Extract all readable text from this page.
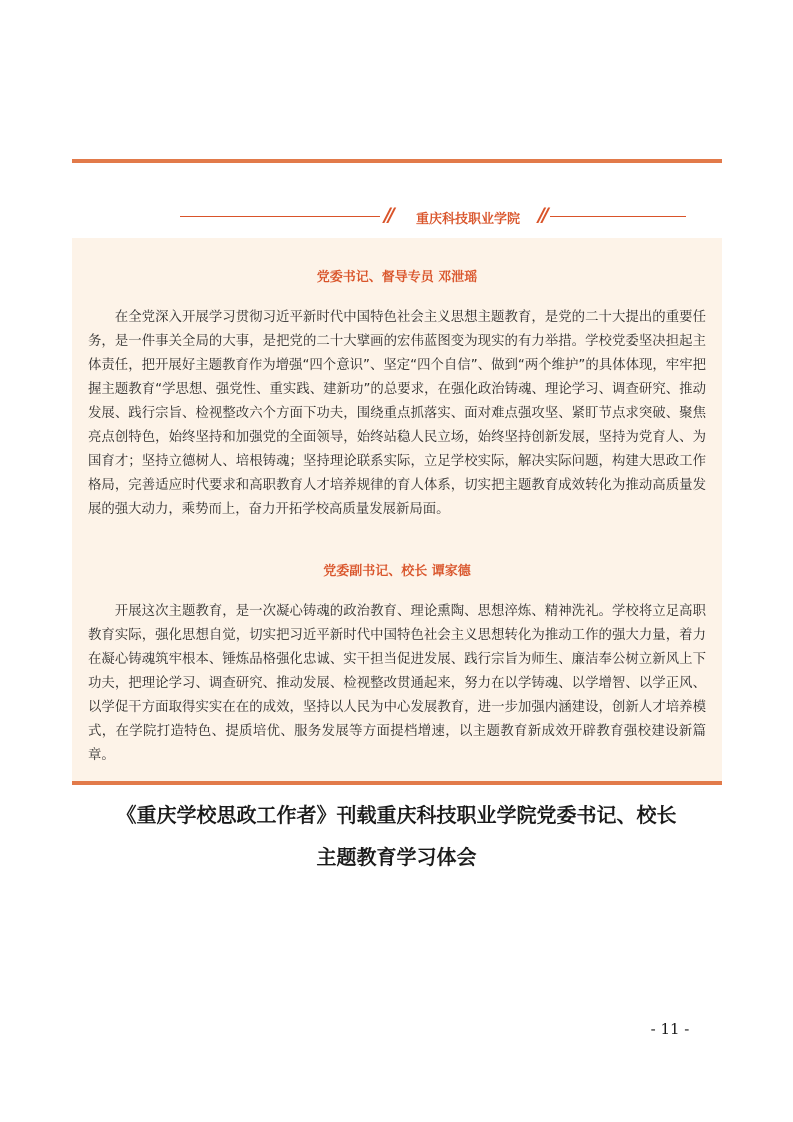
//	重庆科技职业学院 //
党委书记、督导专员 邓泄瑶

在全党深入开展学习贯彻习近平新时代中国特色社会主义思想主题教育，是党的二十大提出的重要任务，是一件事关全局的大事，是把党的二十大擘画的宏伟蓝图变为现实的有力举措。学校党委坚决担起主体责任，把开展好主题教育作为增强“四个意识”、坚定“四个自信”、做到“两个维护”的具体体现，牢牢把握主题教育“学思想、强党性、重实践、建新功”的总要求，在强化政治铸魂、理论学习、调查研究、推动发展、践行宗旨、检视整改六个方面下功夫，围绕重点抓落实、面对难点强攻坚、紧盯节点求突破、聚焦亮点创特色，始终坚持和加强党的全面领导，始终站稳人民立场，始终坚持创新发展，坚持为党育人、为国育才；坚持立德树人、培根铸魂；坚持理论联系实际，立足学校实际，解决实际问题，构建大思政工作格局，完善适应时代要求和高职教育人才培养规律的育人体系，切实把主题教育成效转化为推动高质量发展的强大动力，乘势而上，奋力开拓学校高质量发展新局面。

党委副书记、校长 谭家德

开展这次主题教育，是一次凝心铸魂的政治教育、理论熏陶、思想淬炼、精神洗礼。学校将立足高职教育实际，强化思想自觉，切实把习近平新时代中国特色社会主义思想转化为推动工作的强大力量，着力在凝心铸魂筑牢根本、锤炼品格强化忠诚、实干担当促进发展、践行宗旨为师生、廉洁奉公树立新风上下功夫，把理论学习、调查研究、推动发展、检视整改贯通起来，努力在以学铸魂、以学增智、以学正风、以学促干方面取得实实在在的成效，坚持以人民为中心发展教育，进一步加强内涵建设，创新人才培养模式，在学院打造特色、提质培优、服务发展等方面提档增速，以主题教育新成效开辟教育强校建设新篇章。

《重庆学校思政工作者》刊载重庆科技职业学院党委书记、校长
主题教育学习体会
- 11 -
